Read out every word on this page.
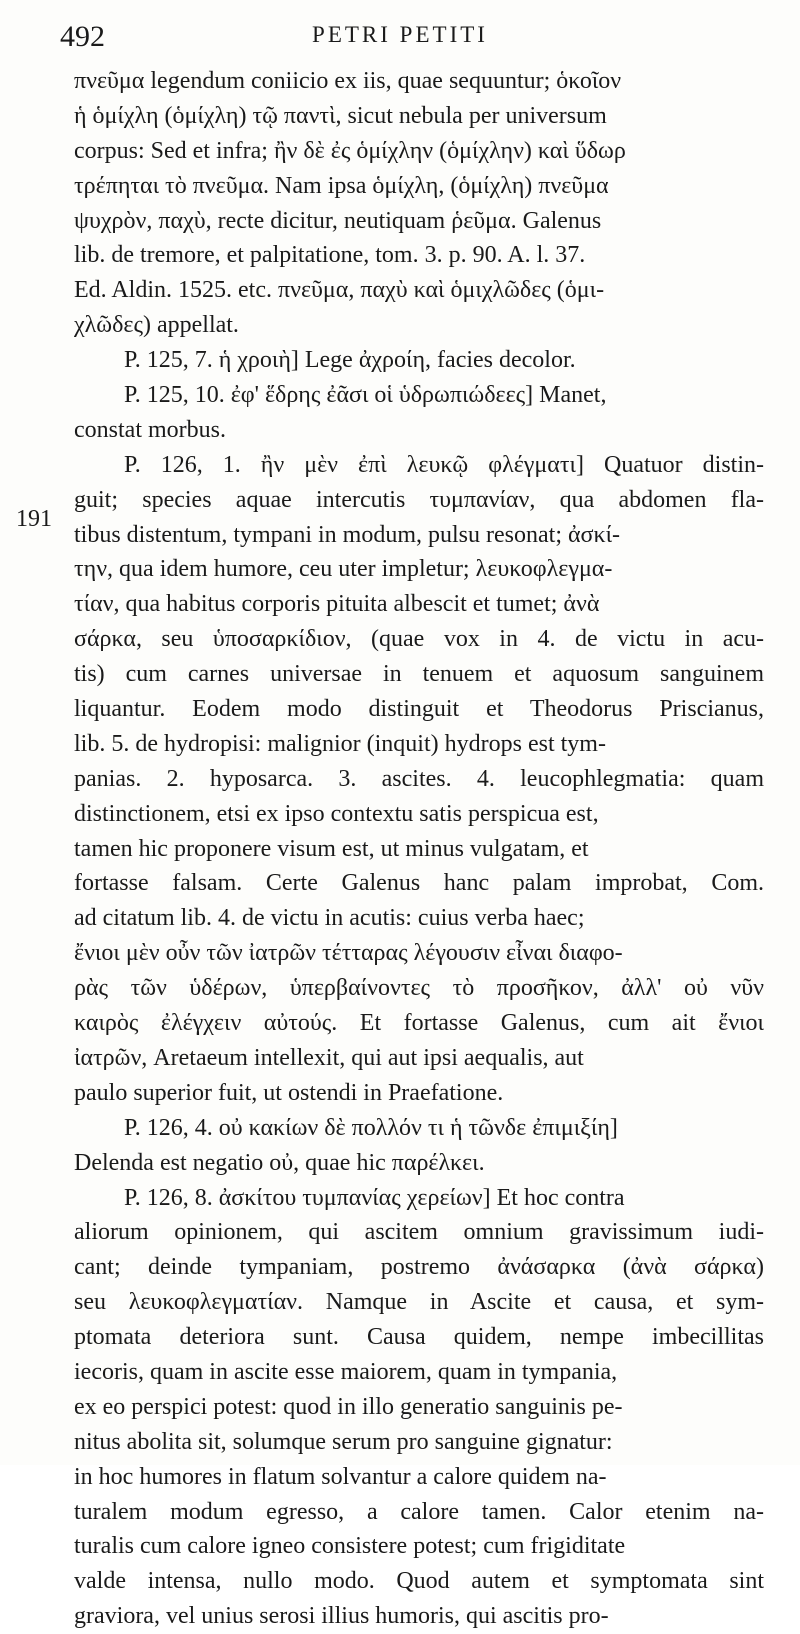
492	PETRI PETITI
191
πνεῦμα legendum coniicio ex iis, quae sequuntur; ὁκοῖον
ἡ ὁμίχλη (ὁμίχλη) τῷ παντὶ, sicut nebula per universum
corpus: Sed et infra; ἢν δὲ ἐς ὁμίχλην (ὁμίχλην) καὶ ὕδωρ
τρέπηται τὸ πνεῦμα. Nam ipsa ὁμίχλη, (ὁμίχλη) πνεῦμα
ψυχρὸν, παχὺ, recte dicitur, neutiquam ῥεῦμα. Galenus
lib. de tremore, et palpitatione, tom. 3. p. 90. A. l. 37.
Ed. Aldin. 1525. etc. πνεῦμα, παχὺ καὶ ὁμιχλῶδες (ὁμι-
χλῶδες) appellat.
P. 125, 7. ἡ χροιὴ] Lege ἀχροίη, facies decolor.
P. 125, 10. ἐφ' ἕδρης ἐᾶσι οἱ ὑδρωπιώδεες] Manet,
constat morbus.
P. 126, 1. ἢν μὲν ἐπὶ λευκῷ φλέγματι] Quatuor distin-
guit; species aquae intercutis τυμπανίαν, qua abdomen fla-
tibus distentum, tympani in modum, pulsu resonat; ἀσκί-
την, qua idem humore, ceu uter impletur; λευκοφλεγμα-
τίαν, qua habitus corporis pituita albescit et tumet; ἀνὰ
σάρκα, seu ὑποσαρκίδιον, (quae vox in 4. de victu in acu-
tis) cum carnes universae in tenuem et aquosum sanguinem
liquantur. Eodem modo distinguit et Theodorus Priscianus,
lib. 5. de hydropisi: malignior (inquit) hydrops est tym-
panias. 2. hyposarca. 3. ascites. 4. leucophlegmatia: quam
distinctionem, etsi ex ipso contextu satis perspicua est,
tamen hic proponere visum est, ut minus vulgatam, et
fortasse falsam. Certe Galenus hanc palam improbat, Com.
ad citatum lib. 4. de victu in acutis: cuius verba haec;
ἔνιοι μὲν οὖν τῶν ἰατρῶν τέτταρας λέγουσιν εἶναι διαφο-
ρὰς τῶν ὑδέρων, ὑπερβαίνοντες τὸ προσῆκον, ἀλλ' οὐ νῦν
καιρὸς ἐλέγχειν αὐτούς. Et fortasse Galenus, cum ait ἔνιοι
ἰατρῶν, Aretaeum intellexit, qui aut ipsi aequalis, aut
paulo superior fuit, ut ostendi in Praefatione.
P. 126, 4. οὐ κακίων δὲ πολλόν τι ἡ τῶνδε ἐπιμιξίη]
Delenda est negatio οὐ, quae hic παρέλκει.
P. 126, 8. ἀσκίτου τυμπανίας χερείων] Et hoc contra
aliorum opinionem, qui ascitem omnium gravissimum iudi-
cant; deinde tympaniam, postremo ἀνάσαρκα (ἀνὰ σάρκα)
seu λευκοφλεγματίαν. Namque in Ascite et causa, et sym-
ptomata deteriora sunt. Causa quidem, nempe imbecillitas
iecoris, quam in ascite esse maiorem, quam in tympania,
ex eo perspici potest: quod in illo generatio sanguinis pe-
nitus abolita sit, solumque serum pro sanguine gignatur:
in hoc humores in flatum solvantur a calore quidem na-
turalem modum egresso, a calore tamen. Calor etenim na-
turalis cum calore igneo consistere potest; cum frigiditate
valde intensa, nullo modo. Quod autem et symptomata sint
graviora, vel unius serosi illius humoris, qui ascitis pro-
